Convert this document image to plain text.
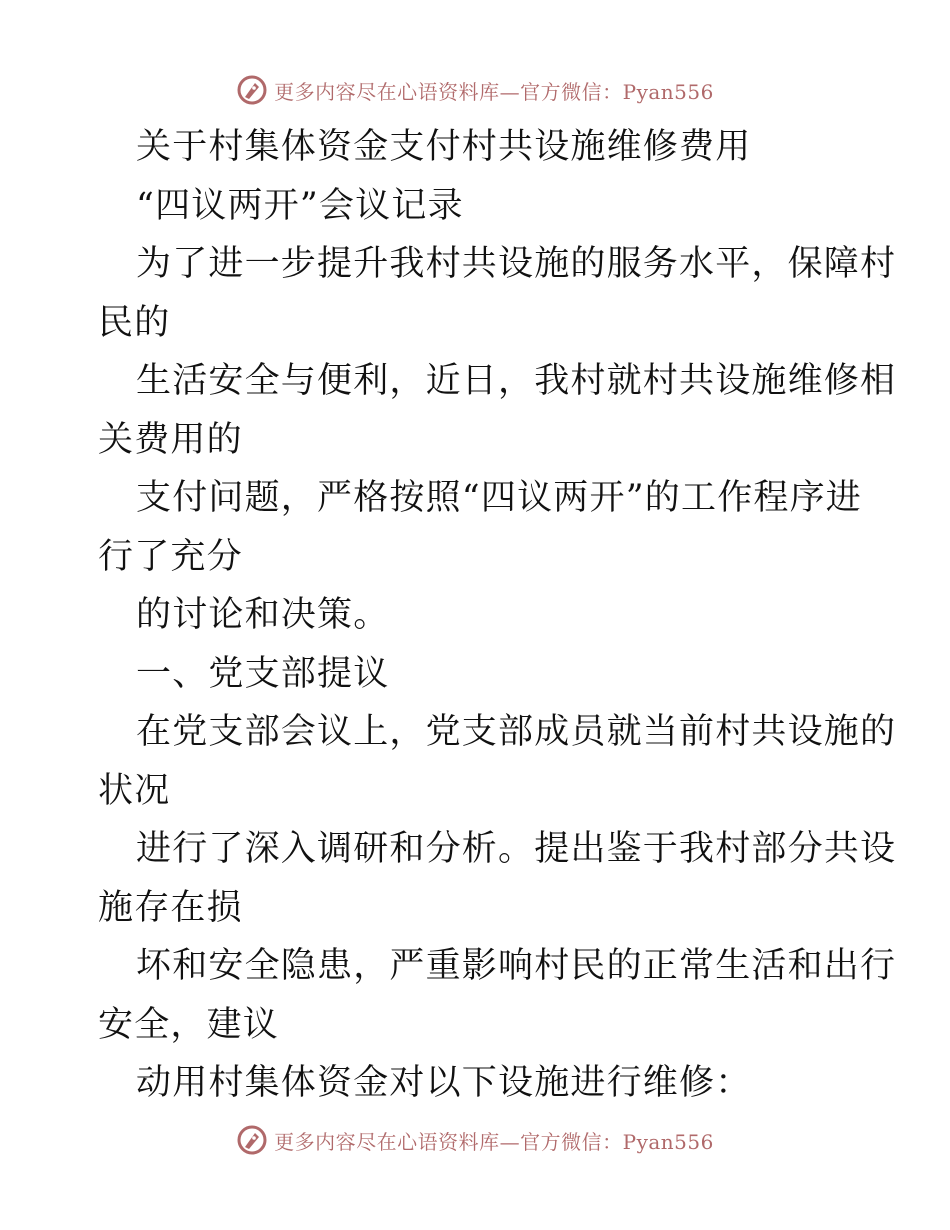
更多内容尽在心语资料库—官方微信：Pyan556
关于村集体资金支付村共设施维修费用
“四议两开”会议记录
为了进一步提升我村共设施的服务水平，保障村
民的
生活安全与便利，近日，我村就村共设施维修相
关费用的
支付问题，严格按照“四议两开”的工作程序进
行了充分
的讨论和决策。
一、党支部提议
在党支部会议上，党支部成员就当前村共设施的
状况
进行了深入调研和分析。提出鉴于我村部分共设
施存在损
坏和安全隐患，严重影响村民的正常生活和出行
安全，建议
动用村集体资金对以下设施进行维修：
更多内容尽在心语资料库—官方微信：Pyan556
